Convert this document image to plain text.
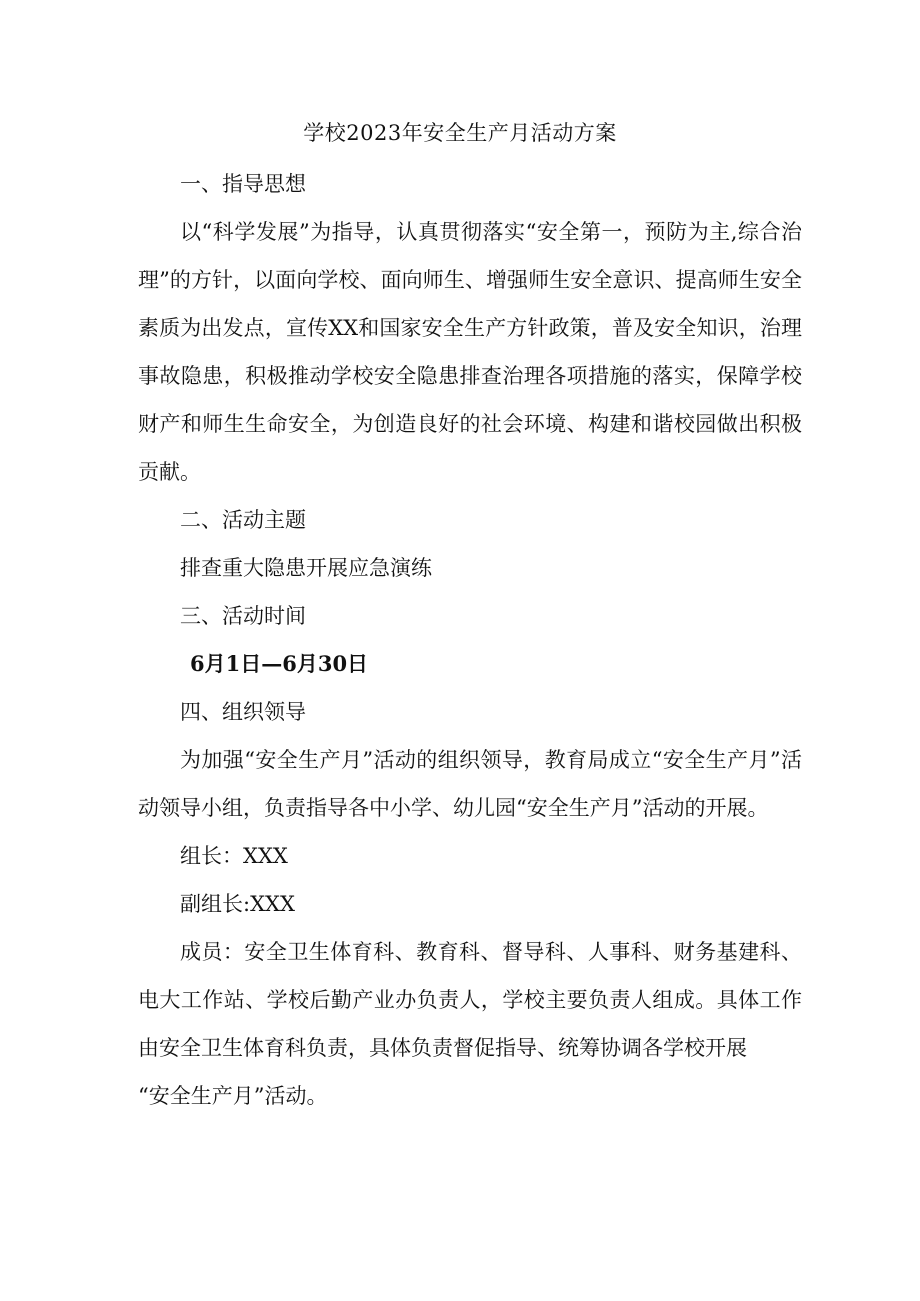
学校2023年安全生产月活动方案

一、指导思想

以“科学发展”为指导，认真贯彻落实“安全第一，预防为主,综合治理”的方针，以面向学校、面向师生、增强师生安全意识、提高师生安全素质为出发点，宣传XX和国家安全生产方针政策，普及安全知识，治理事故隐患，积极推动学校安全隐患排查治理各项措施的落实，保障学校财产和师生生命安全，为创造良好的社会环境、构建和谐校园做出积极贡献。

二、活动主题

排查重大隐患开展应急演练

三、活动时间

6月1日—6月30日

四、组织领导

为加强“安全生产月”活动的组织领导，教育局成立“安全生产月”活动领导小组，负责指导各中小学、幼儿园“安全生产月”活动的开展。

组长：XXX

副组长:XXX

成员：安全卫生体育科、教育科、督导科、人事科、财务基建科、电大工作站、学校后勤产业办负责人，学校主要负责人组成。具体工作由安全卫生体育科负责，具体负责督促指导、统筹协调各学校开展

“安全生产月”活动。
